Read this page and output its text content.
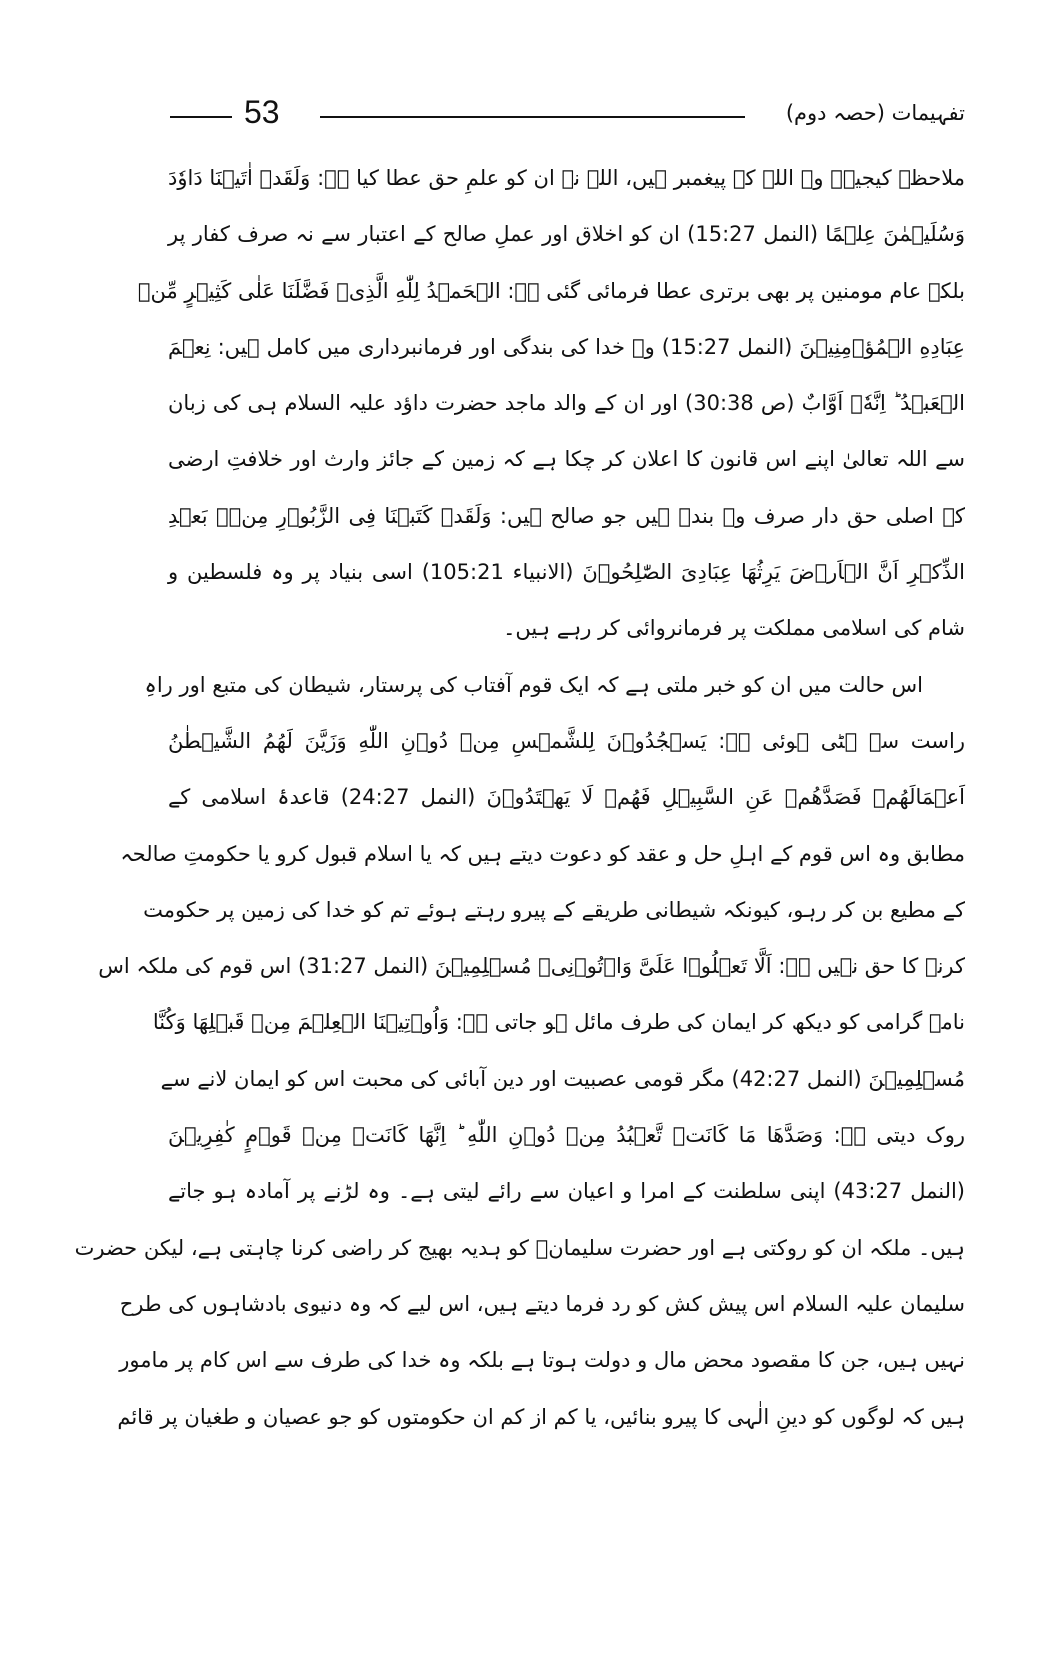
53	تفہیمات (حصہ دوم)
ملاحظہ کیجیے۔ وہ اللہ کے پیغمبر ہیں، اللہ نے ان کو علمِ حق عطا کیا ہے: وَلَقَدۡ اٰتَيۡنَا دَاوٗدَ
وَسُلَيۡمٰنَ عِلۡمًا (النمل 15:27) ان کو اخلاق اور عملِ صالح کے اعتبار سے نہ صرف کفار پر
بلکہ عام مومنین پر بھی برتری عطا فرمائی گئی ہے: الۡحَمۡدُ لِلّٰهِ الَّذِىۡ فَضَّلَنَا عَلٰى كَثِيۡرٍ مِّنۡ
عِبَادِهِ الۡمُؤۡمِنِيۡنَ (النمل 15:27) وہ خدا کی بندگی اور فرمانبرداری میں کامل ہیں: نِعۡمَ
الۡعَبۡدُ ؕ اِنَّهٗۤ اَوَّابٌ (ص 30:38) اور ان کے والد ماجد حضرت داؤد علیہ السلام ہی کی زبان
سے اللہ تعالیٰ اپنے اس قانون کا اعلان کر چکا ہے کہ زمین کے جائز وارث اور خلافتِ ارضی
کے اصلی حق دار صرف وہ بندے ہیں جو صالح ہیں: وَلَقَدۡ كَتَبۡنَا فِى الزَّبُوۡرِ مِنۡۢ بَعۡدِ
الذِّكۡرِ اَنَّ الۡاَرۡضَ يَرِثُهَا عِبَادِىَ الصّٰلِحُوۡنَ (الانبیاء 105:21) اسی بنیاد پر وہ فلسطین و
شام کی اسلامی مملکت پر فرمانروائی کر رہے ہیں۔
اس حالت میں ان کو خبر ملتی ہے کہ ایک قوم آفتاب کی پرستار، شیطان کی متبع اور راہِ
راست سے ہٹی ہوئی ہے: يَسۡجُدُوۡنَ لِلشَّمۡسِ مِنۡ دُوۡنِ اللّٰهِ وَزَيَّنَ لَهُمُ الشَّيۡطٰنُ
اَعۡمَالَهُمۡ فَصَدَّهُمۡ عَنِ السَّبِيۡلِ فَهُمۡ لَا يَهۡتَدُوۡنَ (النمل 24:27) قاعدۂ اسلامی کے
مطابق وہ اس قوم کے اہلِ حل و عقد کو دعوت دیتے ہیں کہ یا اسلام قبول کرو یا حکومتِ صالحہ
کے مطیع بن کر رہو، کیونکہ شیطانی طریقے کے پیرو رہتے ہوئے تم کو خدا کی زمین پر حکومت
کرنے کا حق نہیں ہے: اَلَّا تَعۡلُوۡا عَلَىَّ وَاۡتُوۡنِىۡ مُسۡلِمِيۡنَ (النمل 31:27) اس قوم کی ملکہ اس
نامۂ گرامی کو دیکھ کر ایمان کی طرف مائل ہو جاتی ہے: وَاُوۡتِيۡنَا الۡعِلۡمَ مِنۡ قَبۡلِهَا وَكُنَّا
مُسۡلِمِيۡنَ (النمل 42:27) مگر قومی عصبیت اور دین آبائی کی محبت اس کو ایمان لانے سے
روک دیتی ہے: وَصَدَّهَا مَا كَانَتۡ تَّعۡبُدُ مِنۡ دُوۡنِ اللّٰهِ ؕ اِنَّهَا كَانَتۡ مِنۡ قَوۡمٍ كٰفِرِيۡنَ
(النمل 43:27) اپنی سلطنت کے امرا و اعیان سے رائے لیتی ہے۔ وہ لڑنے پر آمادہ ہو جاتے
ہیں۔ ملکہ ان کو روکتی ہے اور حضرت سلیمانؑ کو ہدیہ بھیج کر راضی کرنا چاہتی ہے، لیکن حضرت
سلیمان علیہ السلام اس پیش کش کو رد فرما دیتے ہیں، اس لیے کہ وہ دنیوی بادشاہوں کی طرح
نہیں ہیں، جن کا مقصود محض مال و دولت ہوتا ہے بلکہ وہ خدا کی طرف سے اس کام پر مامور
ہیں کہ لوگوں کو دینِ الٰہی کا پیرو بنائیں، یا کم از کم ان حکومتوں کو جو عصیان و طغیان پر قائم
